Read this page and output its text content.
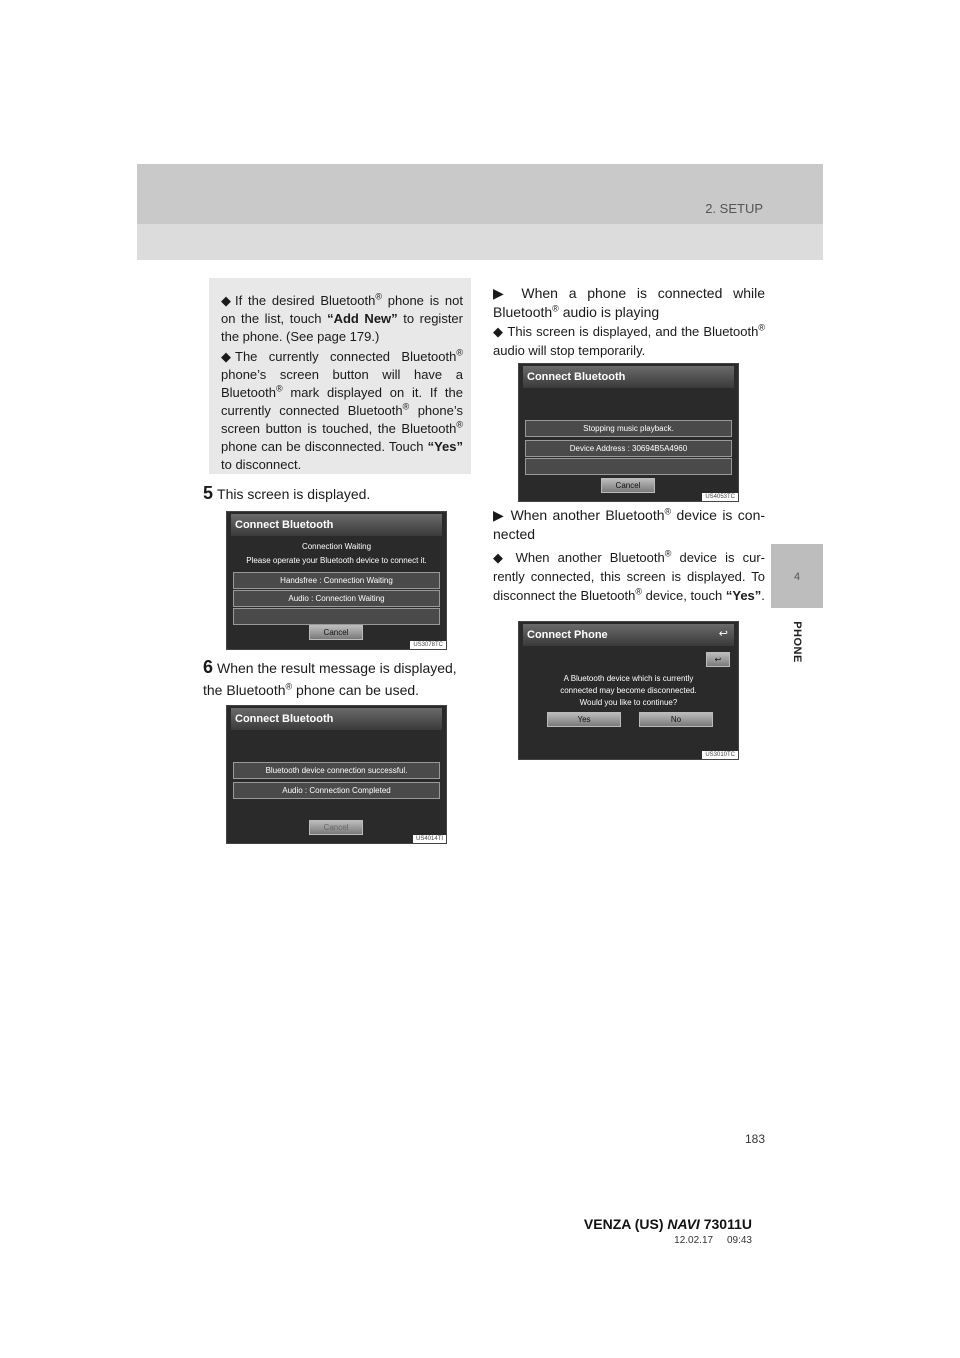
2. SETUP
4
PHONE
◆ If the desired Bluetooth® phone is not on the list, touch “Add New” to register the phone. (See page 179.)
◆ The currently connected Bluetooth® phone’s screen button will have a Bluetooth® mark displayed on it. If the currently connected Bluetooth® phone’s screen button is touched, the Bluetooth® phone can be disconnected. Touch “Yes” to disconnect.
5 This screen is displayed.
Connect Bluetooth
Connection Waiting
Please operate your Bluetooth device to connect it.
Handsfree : Connection Waiting
Audio : Connection Waiting
Cancel
US3078TC
6 When the result message is displayed, the Bluetooth® phone can be used.
Connect Bluetooth
Bluetooth device connection successful.
Audio : Connection Completed
Cancel
US4014TI
▶ When a phone is connected while Bluetooth® audio is playing
◆ This screen is displayed, and the Bluetooth® audio will stop temporarily.
Connect Bluetooth
Stopping music playback.
Device Address : 30694B5A4960
Cancel
US4053TC
▶ When another Bluetooth® device is con-nected
◆ When another Bluetooth® device is cur-rently connected, this screen is displayed. To disconnect the Bluetooth® device, touch “Yes”.
Connect Phone	↩
↩
A Bluetooth device which is currently
connected may become disconnected.
Would you like to continue?
Yes	No
US3010TC
183
VENZA (US) NAVI 73011U
12.02.17     09:43
